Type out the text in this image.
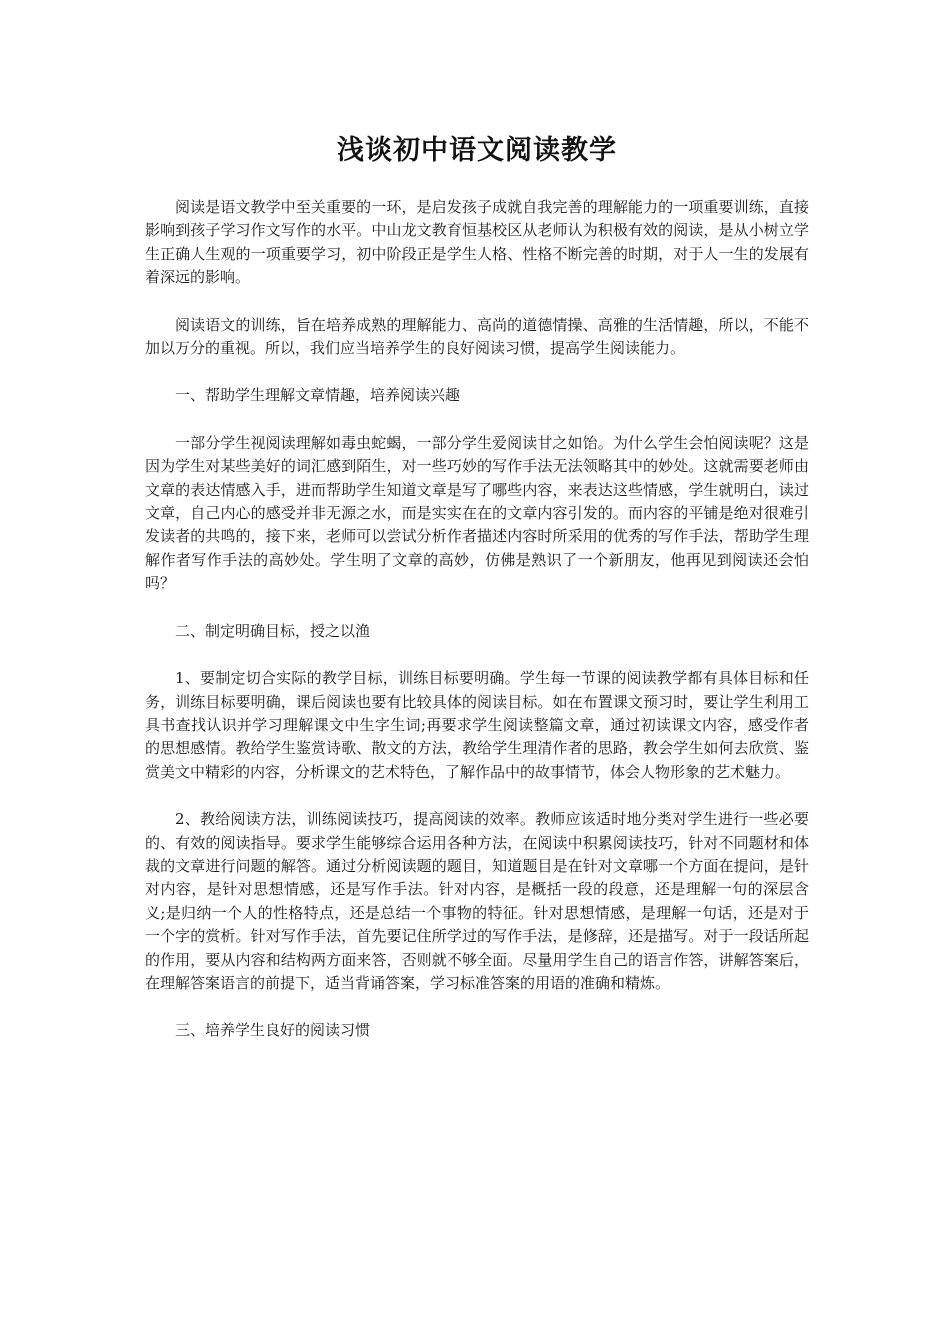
浅谈初中语文阅读教学

阅读是语文教学中至关重要的一环，是启发孩子成就自我完善的理解能力的一项重要训练，直接影响到孩子学习作文写作的水平。中山龙文教育恒基校区从老师认为积极有效的阅读，是从小树立学生正确人生观的一项重要学习，初中阶段正是学生人格、性格不断完善的时期，对于人一生的发展有着深远的影响。

阅读语文的训练，旨在培养成熟的理解能力、高尚的道德情操、高雅的生活情趣，所以，不能不加以万分的重视。所以，我们应当培养学生的良好阅读习惯，提高学生阅读能力。

一、帮助学生理解文章情趣，培养阅读兴趣

一部分学生视阅读理解如毒虫蛇蝎，一部分学生爱阅读甘之如饴。为什么学生会怕阅读呢？这是因为学生对某些美好的词汇感到陌生，对一些巧妙的写作手法无法领略其中的妙处。这就需要老师由文章的表达情感入手，进而帮助学生知道文章是写了哪些内容，来表达这些情感，学生就明白，读过文章，自己内心的感受并非无源之水，而是实实在在的文章内容引发的。而内容的平铺是绝对很难引发读者的共鸣的，接下来，老师可以尝试分析作者描述内容时所采用的优秀的写作手法，帮助学生理解作者写作手法的高妙处。学生明了文章的高妙，仿佛是熟识了一个新朋友，他再见到阅读还会怕吗？

二、制定明确目标，授之以渔

1、要制定切合实际的教学目标，训练目标要明确。学生每一节课的阅读教学都有具体目标和任务，训练目标要明确，课后阅读也要有比较具体的阅读目标。如在布置课文预习时，要让学生利用工具书查找认识并学习理解课文中生字生词;再要求学生阅读整篇文章，通过初读课文内容，感受作者的思想感情。教给学生鉴赏诗歌、散文的方法，教给学生理清作者的思路，教会学生如何去欣赏、鉴赏美文中精彩的内容，分析课文的艺术特色，了解作品中的故事情节，体会人物形象的艺术魅力。

2、教给阅读方法，训练阅读技巧，提高阅读的效率。教师应该适时地分类对学生进行一些必要的、有效的阅读指导。要求学生能够综合运用各种方法，在阅读中积累阅读技巧，针对不同题材和体裁的文章进行问题的解答。通过分析阅读题的题目，知道题目是在针对文章哪一个方面在提问，是针对内容，是针对思想情感，还是写作手法。针对内容，是概括一段的段意，还是理解一句的深层含义;是归纳一个人的性格特点，还是总结一个事物的特征。针对思想情感，是理解一句话，还是对于一个字的赏析。针对写作手法，首先要记住所学过的写作手法，是修辞，还是描写。对于一段话所起的作用，要从内容和结构两方面来答，否则就不够全面。尽量用学生自己的语言作答，讲解答案后，在理解答案语言的前提下，适当背诵答案，学习标准答案的用语的准确和精炼。

三、培养学生良好的阅读习惯
